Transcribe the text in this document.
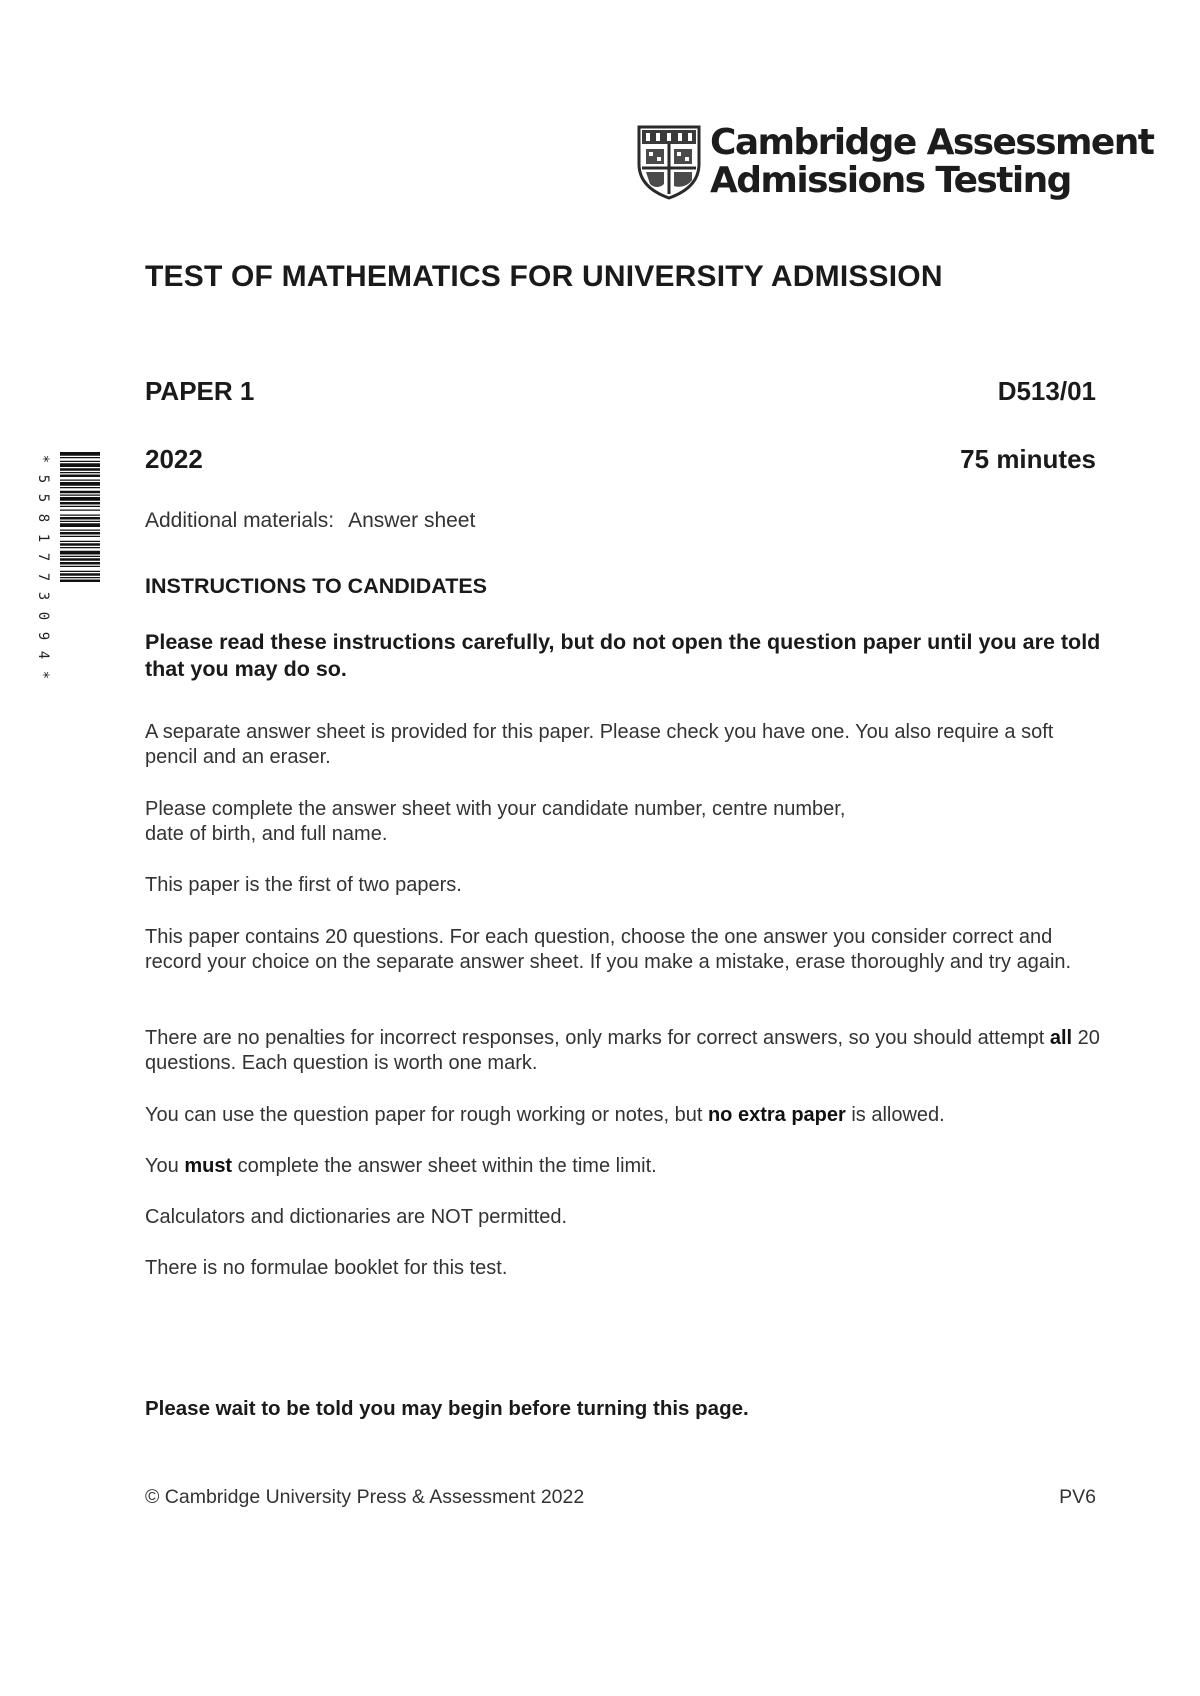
Cambridge Assessment
Admissions Testing
*
5
5
8
1
7
7
3
0
9
4
*
TEST OF MATHEMATICS FOR UNIVERSITY ADMISSION
PAPER 1	D513/01
2022	75 minutes
Additional materials: Answer sheet
INSTRUCTIONS TO CANDIDATES
Please read these instructions carefully, but do not open the question paper until you are told that you may do so.
A separate answer sheet is provided for this paper. Please check you have one. You also require a soft pencil and an eraser.
Please complete the answer sheet with your candidate number, centre number,
date of birth, and full name.
This paper is the first of two papers.
This paper contains 20 questions. For each question, choose the one answer you consider correct and record your choice on the separate answer sheet. If you make a mistake, erase thoroughly and try again.
There are no penalties for incorrect responses, only marks for correct answers, so you should attempt all 20 questions. Each question is worth one mark.
You can use the question paper for rough working or notes, but no extra paper is allowed.
You must complete the answer sheet within the time limit.
Calculators and dictionaries are NOT permitted.
There is no formulae booklet for this test.
Please wait to be told you may begin before turning this page.
© Cambridge University Press & Assessment 2022	PV6
